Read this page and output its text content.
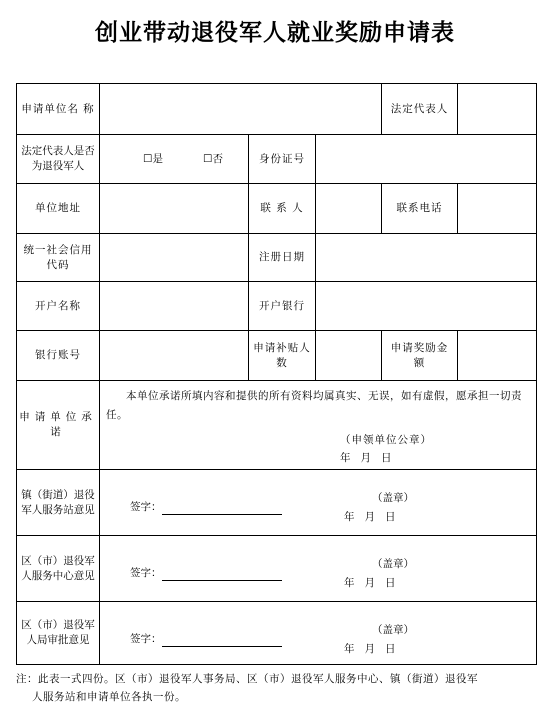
创业带动退役军人就业奖励申请表
申请单位名 称				法定代表人	
法定代表人是否为退役军人	☐是 ☐否	身份证号			
单位地址		联 系 人		联系电话	
统一社会信用代码		注册日期			
开户名称		开户银行			
银行账号		申请补贴人 数		申请奖励金 额	
申请单位承 诺	本单位承诺所填内容和提供的所有资料均属真实、无误，如有虚假，愿承担一切责任。
（申领单位公章）
年   月   日				

镇（街道）退役军人服务站意见	签字：
（盖章）
年   月   日				

区（市）退役军人服务中心意见	签字：
（盖章）
年   月   日				

区（市）退役军人局审批意见	签字：
（盖章）
年   月   日				
注：此表一式四份。区（市）退役军人事务局、区（市）退役军人服务中心、镇（街道）退役军
人服务站和申请单位各执一份。
